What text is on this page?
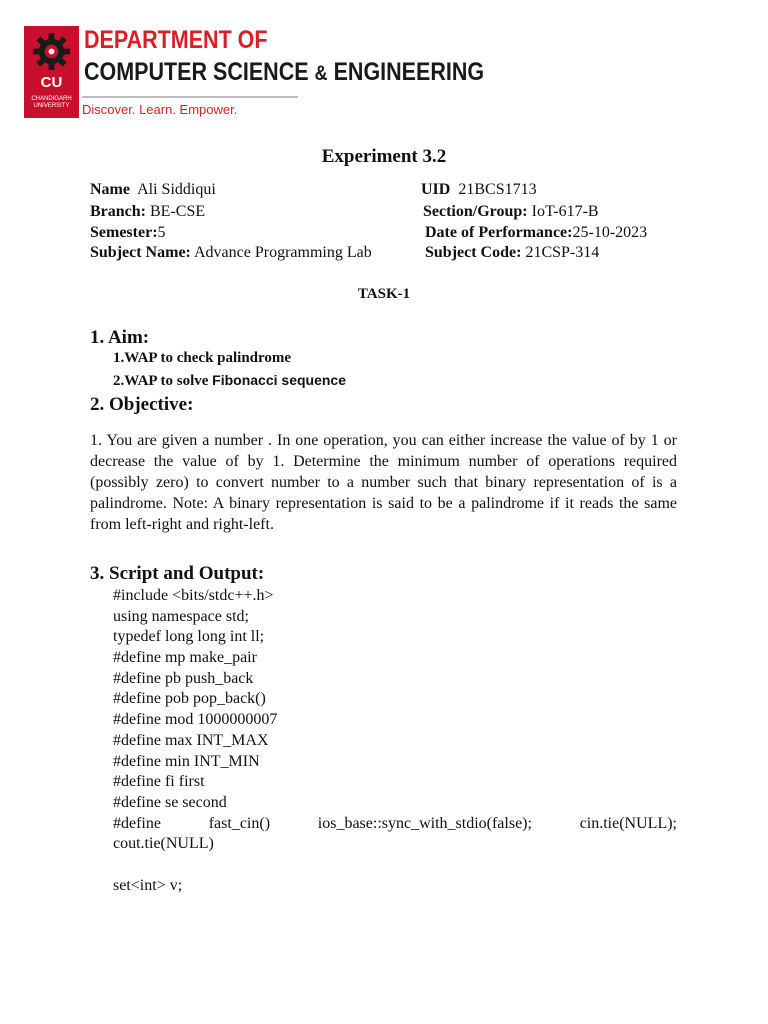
CU
CHANDIGARH
UNIVERSITY
DEPARTMENT OF
COMPUTER SCIENCE & ENGINEERING
Discover. Learn. Empower.
Experiment 3.2
Name Ali Siddiqui	UID 21BCS1713
Branch: BE-CSE	Section/Group: IoT-617-B
Semester:5	Date of Performance:25-10-2023
Subject Name: Advance Programming Lab	Subject Code: 21CSP-314
TASK-1
1. Aim:
1.WAP to check palindrome
2.WAP to solve Fibonacci sequence
2. Objective:
1. You are given a number . In one operation, you can either increase the value of by 1 or decrease the value of by 1. Determine the minimum number of operations required (possibly zero) to convert number to a number such that binary representation of is a palindrome. Note: A binary representation is said to be a palindrome if it reads the same from left-right and right-left.
3. Script and Output:
#include <bits/stdc++.h>
using namespace std;
typedef long long int ll;
#define mp make_pair
#define pb push_back
#define pob pop_back()
#define mod 1000000007
#define max INT_MAX
#define min INT_MIN
#define fi first
#define se second
#define	fast_cin()	ios_base::sync_with_stdio(false);	cin.tie(NULL);
cout.tie(NULL)
set<int> v;
